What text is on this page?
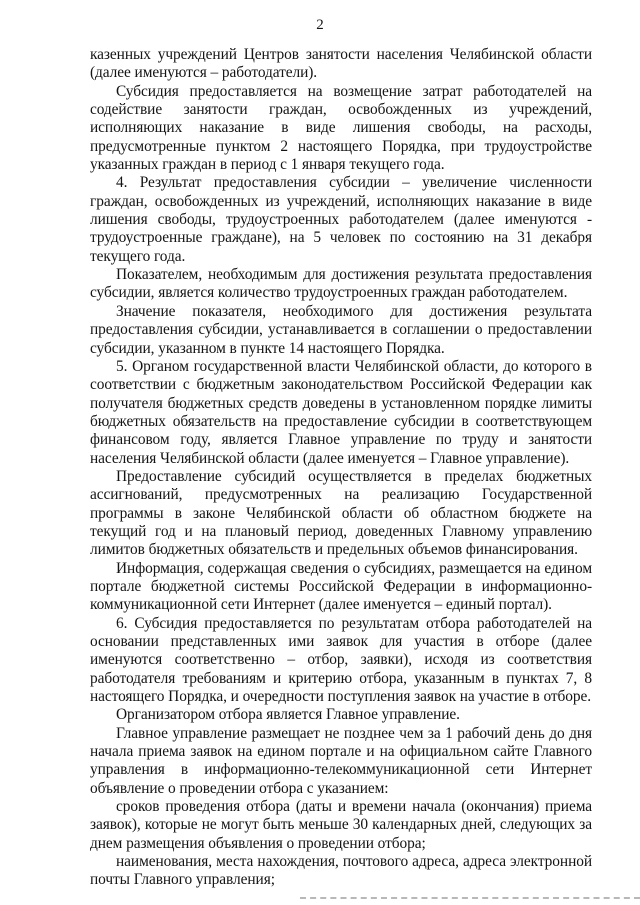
2

казенных учреждений Центров занятости населения Челябинской области (далее именуются – работодатели).

Субсидия предоставляется на возмещение затрат работодателей на содействие занятости граждан, освобожденных из учреждений, исполняющих наказание в виде лишения свободы, на расходы, предусмотренные пунктом 2 настоящего Порядка, при трудоустройстве указанных граждан в период с 1 января текущего года.

4. Результат предоставления субсидии – увеличение численности граждан, освобожденных из учреждений, исполняющих наказание в виде лишения свободы, трудоустроенных работодателем (далее именуются - трудоустроенные граждане), на 5 человек по состоянию на 31 декабря текущего года.

Показателем, необходимым для достижения результата предоставления субсидии, является количество трудоустроенных граждан работодателем.

Значение показателя, необходимого для достижения результата предоставления субсидии, устанавливается в соглашении о предоставлении субсидии, указанном в пункте 14 настоящего Порядка.

5. Органом государственной власти Челябинской области, до которого в соответствии с бюджетным законодательством Российской Федерации как получателя бюджетных средств доведены в установленном порядке лимиты бюджетных обязательств на предоставление субсидии в соответствующем финансовом году, является Главное управление по труду и занятости населения Челябинской области (далее именуется – Главное управление).

Предоставление субсидий осуществляется в пределах бюджетных ассигнований, предусмотренных на реализацию Государственной программы в законе Челябинской области об областном бюджете на текущий год и на плановый период, доведенных Главному управлению лимитов бюджетных обязательств и предельных объемов финансирования.

Информация, содержащая сведения о субсидиях, размещается на едином портале бюджетной системы Российской Федерации в информационно-коммуникационной сети Интернет (далее именуется – единый портал).

6. Субсидия предоставляется по результатам отбора работодателей на основании представленных ими заявок для участия в отборе (далее именуются соответственно – отбор, заявки), исходя из соответствия работодателя требованиям и критерию отбора, указанным в пунктах 7, 8 настоящего Порядка, и очередности поступления заявок на участие в отборе.

Организатором отбора является Главное управление.

Главное управление размещает не позднее чем за 1 рабочий день до дня начала приема заявок на едином портале и на официальном сайте Главного управления в информационно-телекоммуникационной сети Интернет объявление о проведении отбора с указанием:

сроков проведения отбора (даты и времени начала (окончания) приема заявок), которые не могут быть меньше 30 календарных дней, следующих за днем размещения объявления о проведении отбора;

наименования, места нахождения, почтового адреса, адреса электронной почты Главного управления;
